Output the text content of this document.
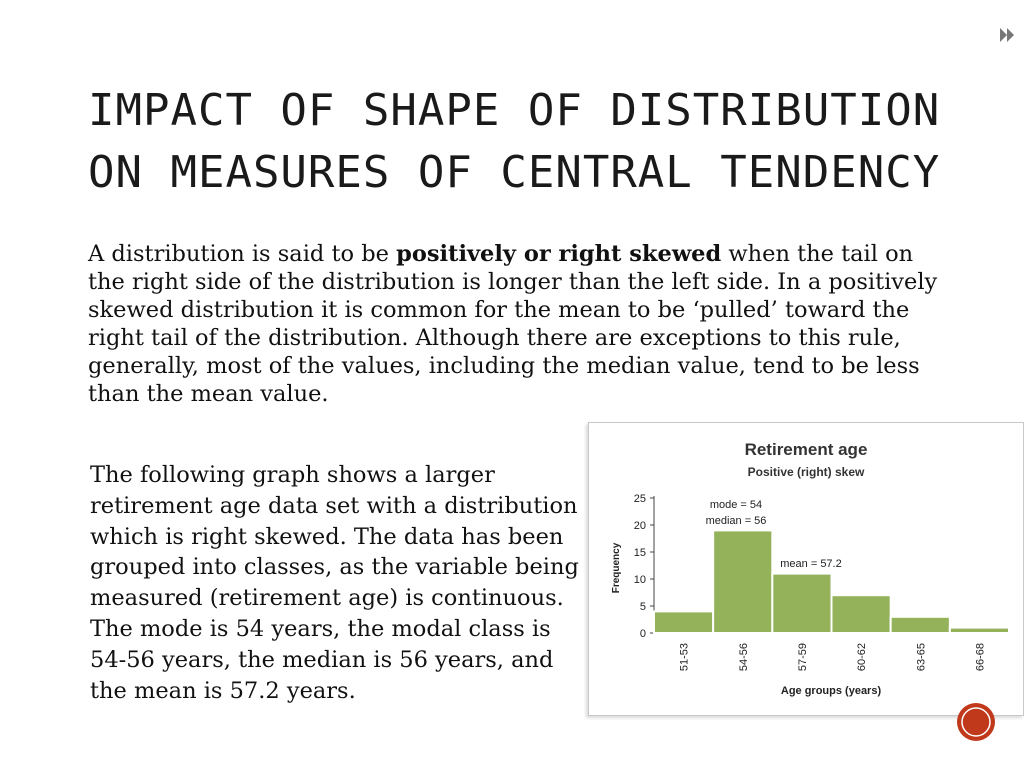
IMPACT OF SHAPE OF DISTRIBUTION ON MEASURES OF CENTRAL TENDENCY
A distribution is said to be positively or right skewed when the tail on the right side of the distribution is longer than the left side. In a positively skewed distribution it is common for the mean to be ‘pulled’ toward the right tail of the distribution. Although there are exceptions to this rule, generally, most of the values, including the median value, tend to be less than the mean value.
The following graph shows a larger retirement age data set with a distribution which is right skewed. The data has been grouped into classes, as the variable being measured (retirement age) is continuous. The mode is 54 years, the modal class is 54-56 years, the median is 56 years, and the mean is 57.2 years.
Retirement age
Positive (right) skew
Frequency
Age groups (years)
0
5
10
15
20
25
51-53	54-56	57-59	60-62	63-65	66-68
mode = 54
median = 56
mean = 57.2
